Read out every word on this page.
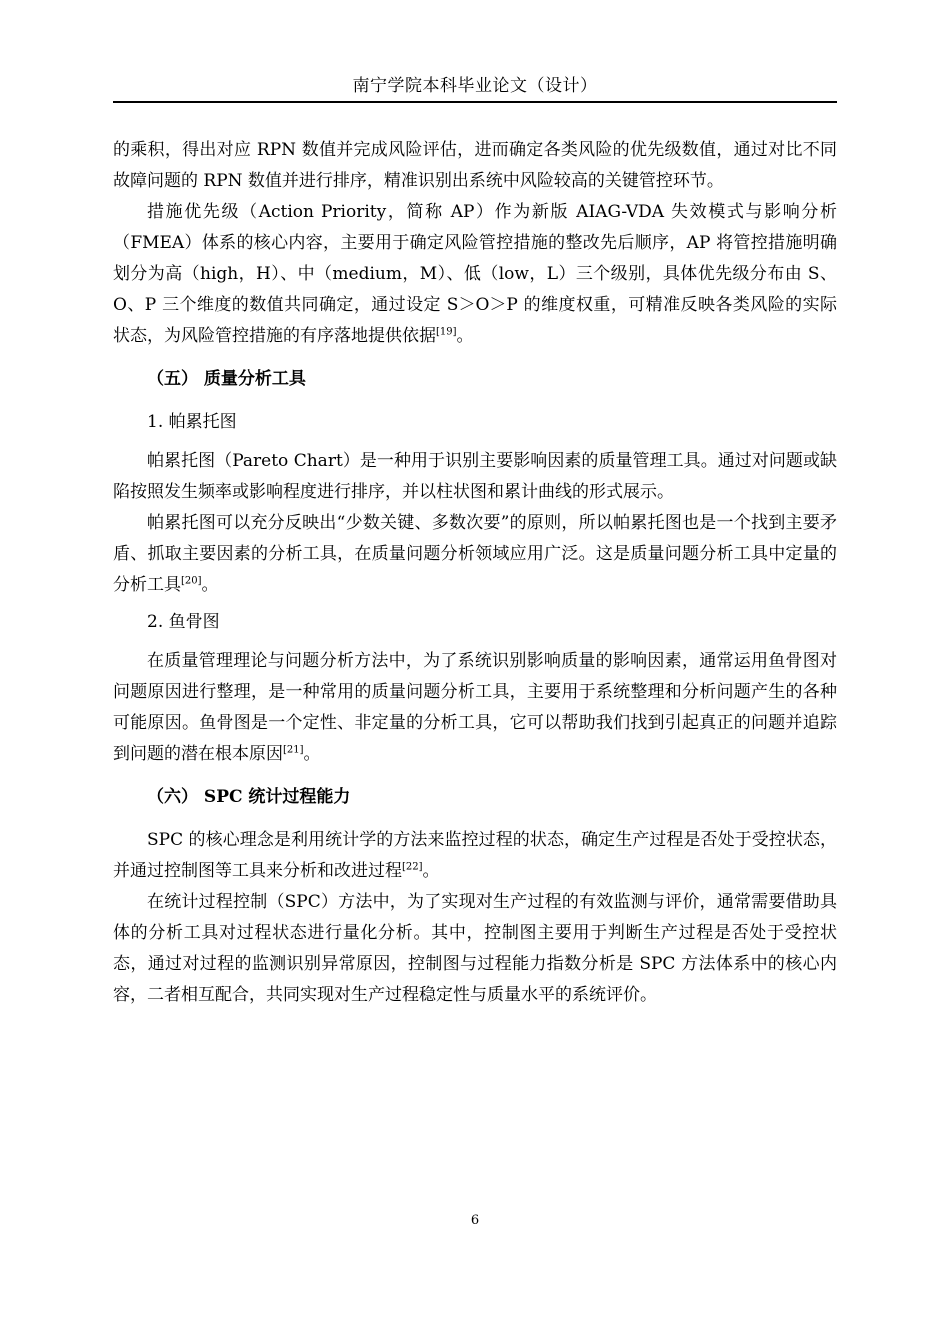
南宁学院本科毕业论文（设计）

的乘积，得出对应 RPN 数值并完成风险评估，进而确定各类风险的优先级数值，通过对比不同故障问题的 RPN 数值并进行排序，精准识别出系统中风险较高的关键管控环节。

措施优先级（Action Priority，简称 AP）作为新版 AIAG-VDA 失效模式与影响分析（FMEA）体系的核心内容，主要用于确定风险管控措施的整改先后顺序，AP 将管控措施明确划分为高（high，H）、中（medium，M）、低（low，L）三个级别，具体优先级分布由 S、O、P 三个维度的数值共同确定，通过设定 S＞O＞P 的维度权重，可精准反映各类风险的实际状态，为风险管控措施的有序落地提供依据[19]。

（五） 质量分析工具
1. 帕累托图

帕累托图（Pareto Chart）是一种用于识别主要影响因素的质量管理工具。通过对问题或缺陷按照发生频率或影响程度进行排序，并以柱状图和累计曲线的形式展示。

帕累托图可以充分反映出“少数关键、多数次要”的原则，所以帕累托图也是一个找到主要矛盾、抓取主要因素的分析工具，在质量问题分析领域应用广泛。这是质量问题分析工具中定量的分析工具[20]。

2. 鱼骨图

在质量管理理论与问题分析方法中，为了系统识别影响质量的影响因素，通常运用鱼骨图对问题原因进行整理，是一种常用的质量问题分析工具，主要用于系统整理和分析问题产生的各种可能原因。鱼骨图是一个定性、非定量的分析工具，它可以帮助我们找到引起真正的问题并追踪到问题的潜在根本原因[21]。

（六） SPC 统计过程能力

SPC 的核心理念是利用统计学的方法来监控过程的状态，确定生产过程是否处于受控状态，并通过控制图等工具来分析和改进过程[22]。

在统计过程控制（SPC）方法中，为了实现对生产过程的有效监测与评价，通常需要借助具体的分析工具对过程状态进行量化分析。其中，控制图主要用于判断生产过程是否处于受控状态，通过对过程的监测识别异常原因，控制图与过程能力指数分析是 SPC 方法体系中的核心内容，二者相互配合，共同实现对生产过程稳定性与质量水平的系统评价。

6
